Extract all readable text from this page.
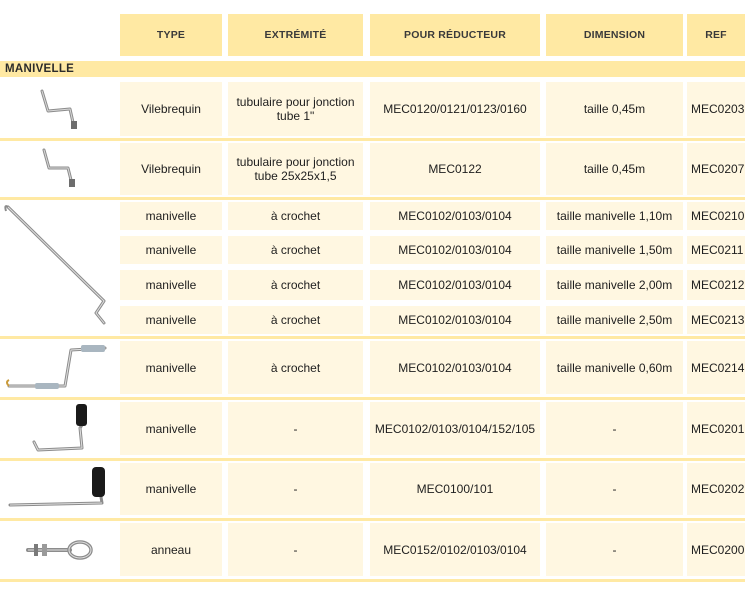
TYPE	EXTRÉMITÉ	POUR RÉDUCTEUR	DIMENSION	REF
MANIVELLE
Vilebrequin	tubulaire pour jonction tube 1"	MEC0120/0121/0123/0160	taille 0,45m	MEC0203
Vilebrequin	tubulaire pour jonction tube 25x25x1,5	MEC0122	taille 0,45m	MEC0207
manivelle	à crochet	MEC0102/0103/0104	taille manivelle 1,10m	MEC0210
manivelle	à crochet	MEC0102/0103/0104	taille manivelle 1,50m	MEC0211
manivelle	à crochet	MEC0102/0103/0104	taille manivelle 2,00m	MEC0212
manivelle	à crochet	MEC0102/0103/0104	taille manivelle 2,50m	MEC0213
manivelle	à crochet	MEC0102/0103/0104	taille manivelle 0,60m	MEC0214
manivelle	-	MEC0102/0103/0104/152/105	-	MEC0201
manivelle	-	MEC0100/101	-	MEC0202
anneau	-	MEC0152/0102/0103/0104	-	MEC0200
